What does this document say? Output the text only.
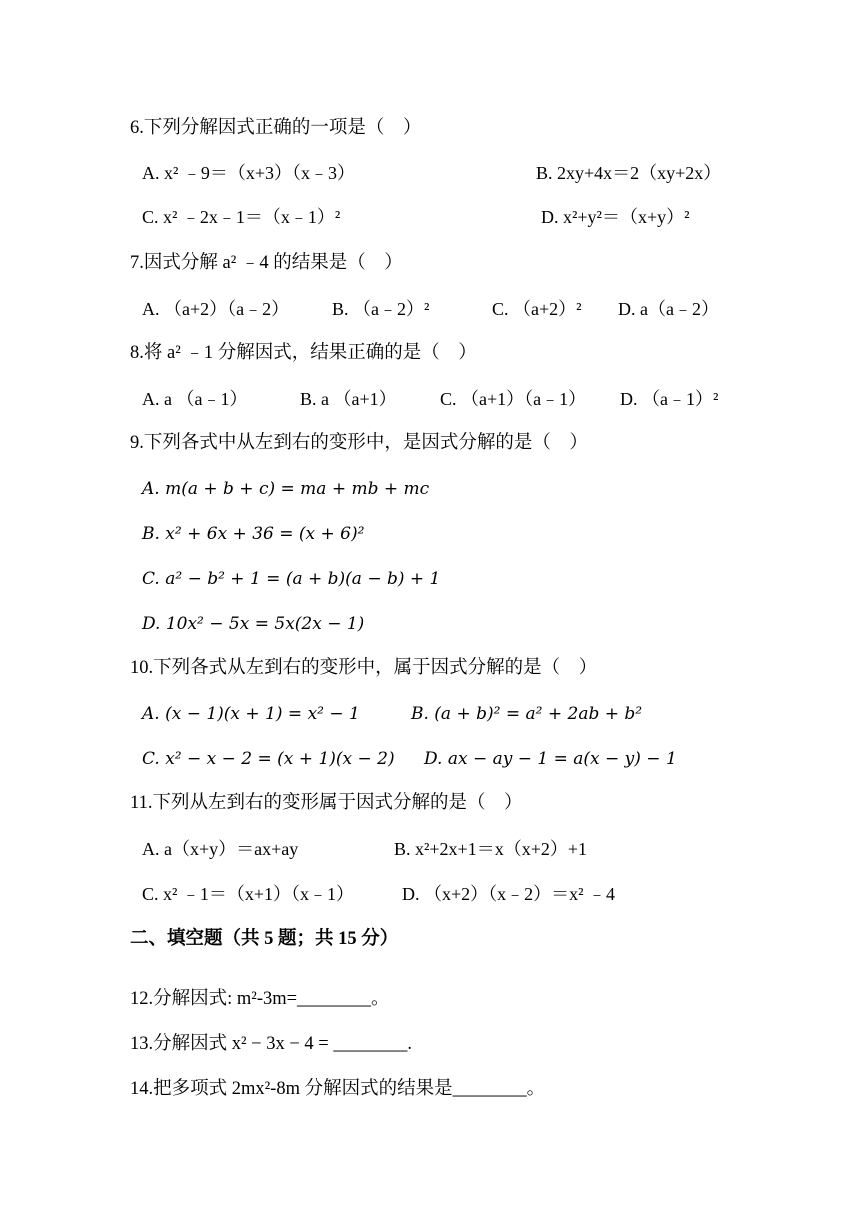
6.下列分解因式正确的一项是（　）
A. x² ﹣9＝（x+3）（x﹣3）	B. 2xy+4x＝2（xy+2x）
C. x² ﹣2x﹣1＝（x﹣1）²	D. x²+y²＝（x+y）²
7.因式分解 a² ﹣4 的结果是（　）
A. （a+2）（a﹣2） B. （a﹣2）²	C. （a+2）² D. a（a﹣2）
8.将 a² ﹣1 分解因式，结果正确的是（　）
A. a （a﹣1）	B. a （a+1） C. （a+1）（a﹣1） D. （a﹣1）²
9.下列各式中从左到右的变形中，是因式分解的是（　）
A. m(a + b + c) = ma + mb + mc
B. x² + 6x + 36 = (x + 6)²
C. a² − b² + 1 = (a + b)(a − b) + 1
D. 10x² − 5x = 5x(2x − 1)
10.下列各式从左到右的变形中，属于因式分解的是（　）
A. (x − 1)(x + 1) = x² − 1	B. (a + b)² = a² + 2ab + b²
C. x² − x − 2 = (x + 1)(x − 2) D. ax − ay − 1 = a(x − y) − 1
11.下列从左到右的变形属于因式分解的是（　）
A. a（x+y）＝ax+ay	B. x²+2x+1＝x（x+2）+1
C. x² ﹣1＝（x+1）（x﹣1）	D. （x+2）（x﹣2）＝x² ﹣4
二、填空题（共 5 题；共 15 分）
12.分解因式: m²-3m=________。
13.分解因式 x² − 3x − 4 = ________.
14.把多项式 2mx²-8m 分解因式的结果是________。
